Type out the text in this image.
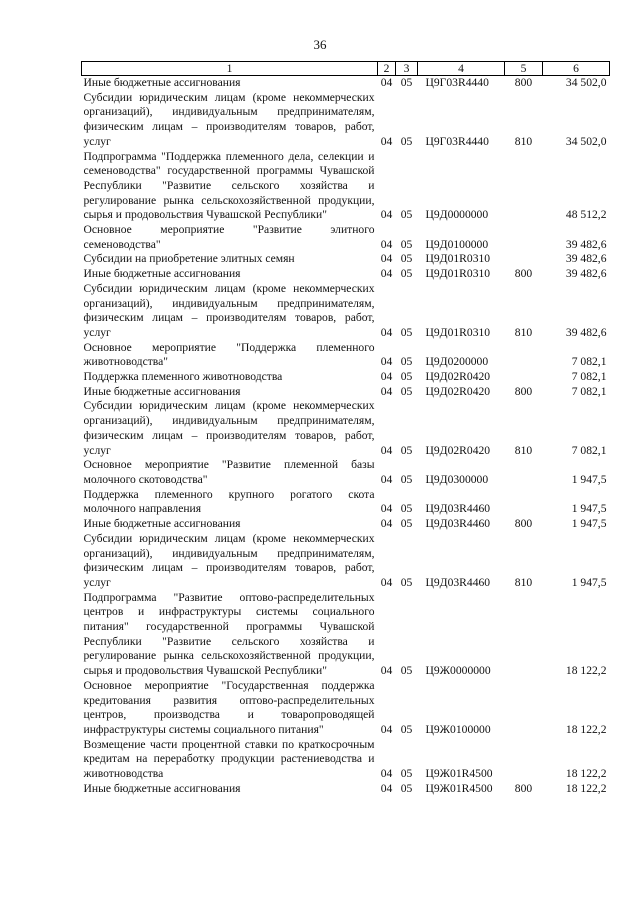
36
1	2	3	4	5	6
Иные бюджетные ассигнования	04	05	Ц9Г03R4440	800	34 502,0
Субсидии юридическим лицам (кроме некоммерческих организаций), индивидуальным предпринимателям, физическим лицам – производителям товаров, работ, услуг	04	05	Ц9Г03R4440	810	34 502,0
Подпрограмма "Поддержка племенного дела, селекции и семеноводства" государственной программы Чувашской Республики "Развитие сельского хозяйства и регулирование рынка сельскохозяйственной продукции, сырья и продовольствия Чувашской Республики"	04	05	Ц9Д0000000		48 512,2
Основное мероприятие "Развитие элитного семеноводства"	04	05	Ц9Д0100000		39 482,6
Субсидии на приобретение элитных семян	04	05	Ц9Д01R0310		39 482,6
Иные бюджетные ассигнования	04	05	Ц9Д01R0310	800	39 482,6
Субсидии юридическим лицам (кроме некоммерческих организаций), индивидуальным предпринимателям, физическим лицам – производителям товаров, работ, услуг	04	05	Ц9Д01R0310	810	39 482,6
Основное мероприятие "Поддержка племенного животноводства"	04	05	Ц9Д0200000		7 082,1
Поддержка племенного животноводства	04	05	Ц9Д02R0420		7 082,1
Иные бюджетные ассигнования	04	05	Ц9Д02R0420	800	7 082,1
Субсидии юридическим лицам (кроме некоммерческих организаций), индивидуальным предпринимателям, физическим лицам – производителям товаров, работ, услуг	04	05	Ц9Д02R0420	810	7 082,1
Основное мероприятие "Развитие племенной базы молочного скотоводства"	04	05	Ц9Д0300000		1 947,5
Поддержка племенного крупного рогатого скота молочного направления	04	05	Ц9Д03R4460		1 947,5
Иные бюджетные ассигнования	04	05	Ц9Д03R4460	800	1 947,5
Субсидии юридическим лицам (кроме некоммерческих организаций), индивидуальным предпринимателям, физическим лицам – производителям товаров, работ, услуг	04	05	Ц9Д03R4460	810	1 947,5
Подпрограмма "Развитие оптово-распределительных центров и инфраструктуры системы социального питания" государственной программы Чувашской Республики "Развитие сельского хозяйства и регулирование рынка сельскохозяйственной продукции, сырья и продовольствия Чувашской Республики"	04	05	Ц9Ж0000000		18 122,2
Основное мероприятие "Государственная поддержка кредитования развития оптово-распределительных центров, производства и товаропроводящей инфраструктуры системы социального питания"	04	05	Ц9Ж0100000		18 122,2
Возмещение части процентной ставки по краткосрочным кредитам на переработку продукции растениеводства и животноводства	04	05	Ц9Ж01R4500		18 122,2
Иные бюджетные ассигнования	04	05	Ц9Ж01R4500	800	18 122,2
